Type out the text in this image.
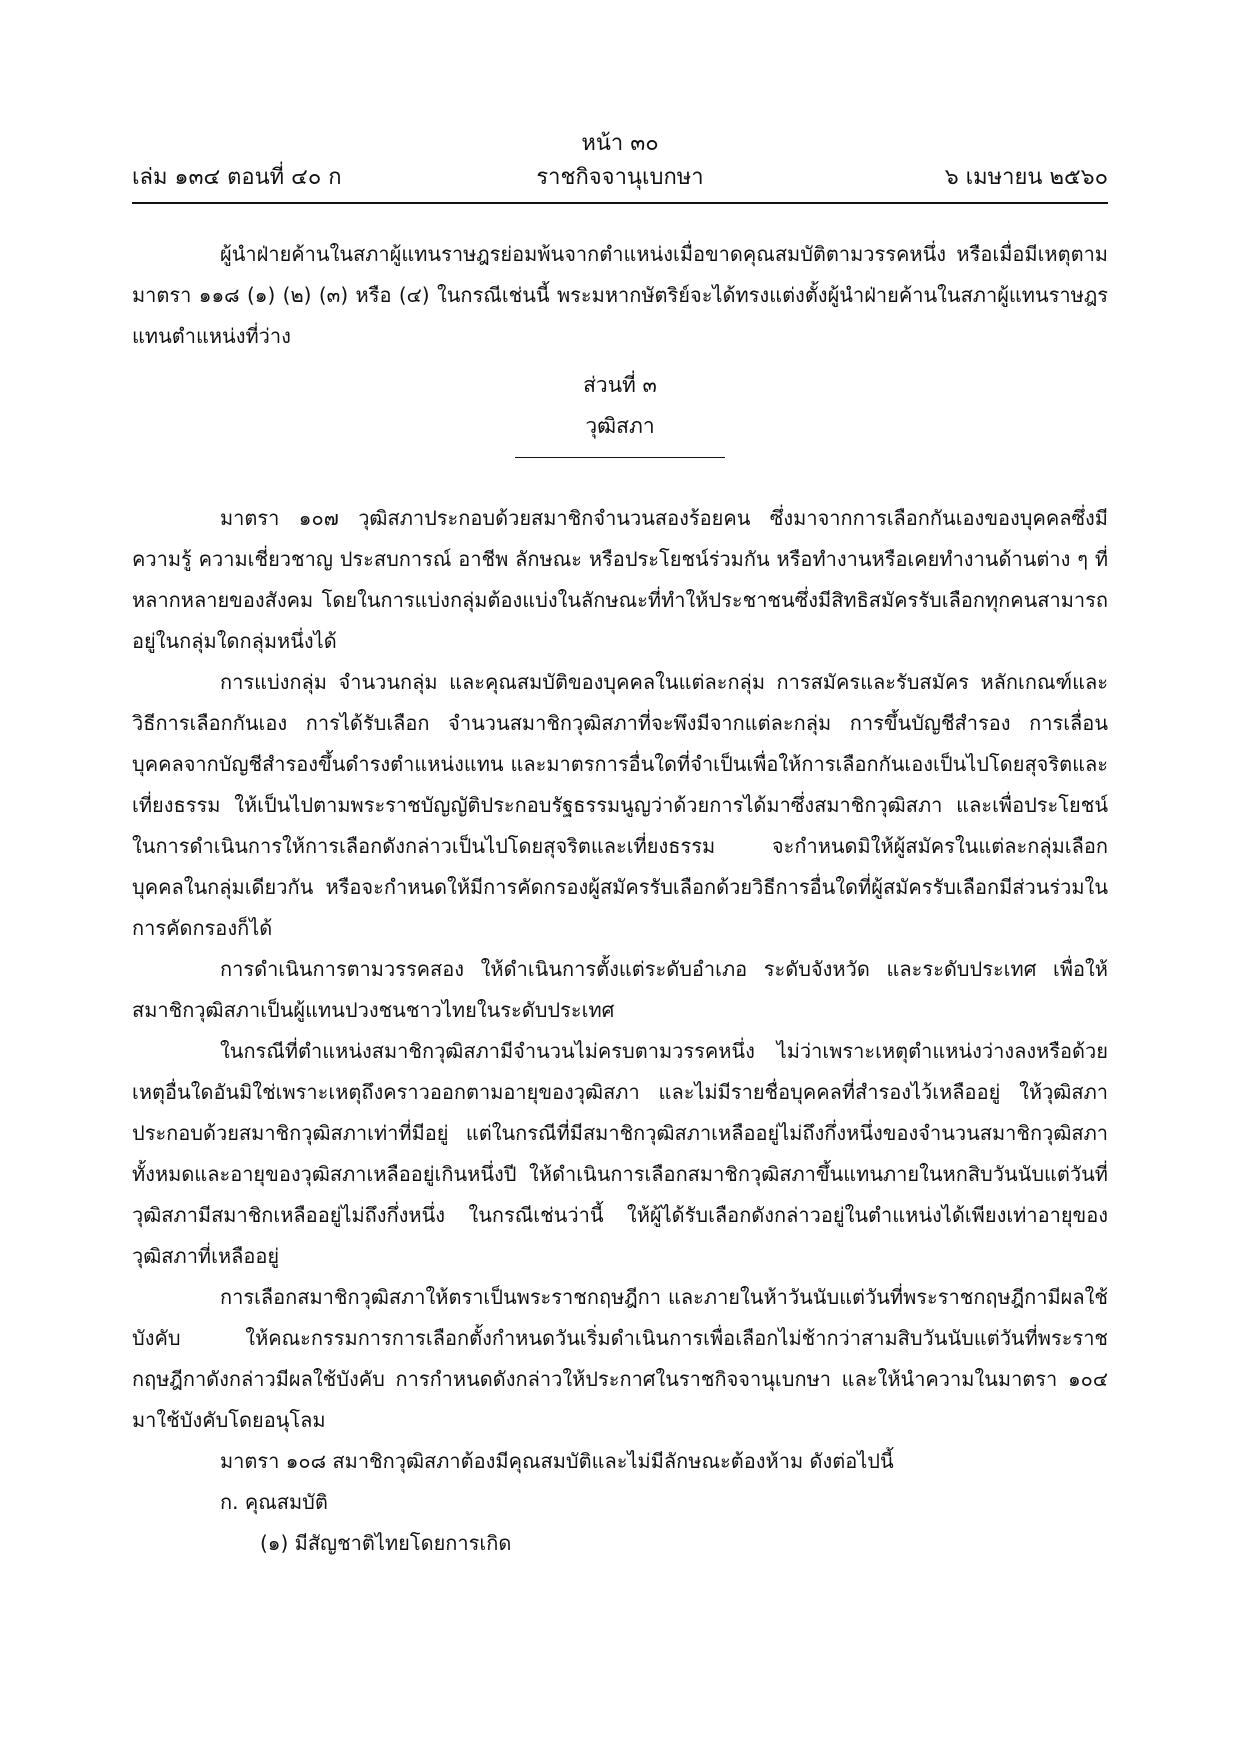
หน้า ๓๐
เล่ม ๑๓๔ ตอนที่ ๔๐ ก	ราชกิจจานุเบกษา	๖ เมษายน ๒๕๖๐

ผู้นำฝ่ายค้านในสภาผู้แทนราษฎรย่อมพ้นจากตำแหน่งเมื่อขาดคุณสมบัติตามวรรคหนึ่ง หรือเมื่อมีเหตุตามมาตรา ๑๑๘ (๑) (๒) (๓) หรือ (๔) ในกรณีเช่นนี้ พระมหากษัตริย์จะได้ทรงแต่งตั้งผู้นำฝ่ายค้านในสภาผู้แทนราษฎรแทนตำแหน่งที่ว่าง

ส่วนที่ ๓
วุฒิสภา

มาตรา ๑๐๗ วุฒิสภาประกอบด้วยสมาชิกจำนวนสองร้อยคน ซึ่งมาจากการเลือกกันเองของบุคคลซึ่งมีความรู้ ความเชี่ยวชาญ ประสบการณ์ อาชีพ ลักษณะ หรือประโยชน์ร่วมกัน หรือทำงานหรือเคยทำงานด้านต่าง ๆ ที่หลากหลายของสังคม โดยในการแบ่งกลุ่มต้องแบ่งในลักษณะที่ทำให้ประชาชนซึ่งมีสิทธิสมัครรับเลือกทุกคนสามารถอยู่ในกลุ่มใดกลุ่มหนึ่งได้

การแบ่งกลุ่ม จำนวนกลุ่ม และคุณสมบัติของบุคคลในแต่ละกลุ่ม การสมัครและรับสมัคร หลักเกณฑ์และวิธีการเลือกกันเอง การได้รับเลือก จำนวนสมาชิกวุฒิสภาที่จะพึงมีจากแต่ละกลุ่ม การขึ้นบัญชีสำรอง การเลื่อนบุคคลจากบัญชีสำรองขึ้นดำรงตำแหน่งแทน และมาตรการอื่นใดที่จำเป็นเพื่อให้การเลือกกันเองเป็นไปโดยสุจริตและเที่ยงธรรม ให้เป็นไปตามพระราชบัญญัติประกอบรัฐธรรมนูญว่าด้วยการได้มาซึ่งสมาชิกวุฒิสภา และเพื่อประโยชน์ในการดำเนินการให้การเลือกดังกล่าวเป็นไปโดยสุจริตและเที่ยงธรรม จะกำหนดมิให้ผู้สมัครในแต่ละกลุ่มเลือกบุคคลในกลุ่มเดียวกัน หรือจะกำหนดให้มีการคัดกรองผู้สมัครรับเลือกด้วยวิธีการอื่นใดที่ผู้สมัครรับเลือกมีส่วนร่วมในการคัดกรองก็ได้

การดำเนินการตามวรรคสอง ให้ดำเนินการตั้งแต่ระดับอำเภอ ระดับจังหวัด และระดับประเทศ เพื่อให้สมาชิกวุฒิสภาเป็นผู้แทนปวงชนชาวไทยในระดับประเทศ

ในกรณีที่ตำแหน่งสมาชิกวุฒิสภามีจำนวนไม่ครบตามวรรคหนึ่ง ไม่ว่าเพราะเหตุตำแหน่งว่างลงหรือด้วยเหตุอื่นใดอันมิใช่เพราะเหตุถึงคราวออกตามอายุของวุฒิสภา และไม่มีรายชื่อบุคคลที่สำรองไว้เหลืออยู่ ให้วุฒิสภาประกอบด้วยสมาชิกวุฒิสภาเท่าที่มีอยู่ แต่ในกรณีที่มีสมาชิกวุฒิสภาเหลืออยู่ไม่ถึงกึ่งหนึ่งของจำนวนสมาชิกวุฒิสภาทั้งหมดและอายุของวุฒิสภาเหลืออยู่เกินหนึ่งปี ให้ดำเนินการเลือกสมาชิกวุฒิสภาขึ้นแทนภายในหกสิบวันนับแต่วันที่วุฒิสภามีสมาชิกเหลืออยู่ไม่ถึงกึ่งหนึ่ง ในกรณีเช่นว่านี้ ให้ผู้ได้รับเลือกดังกล่าวอยู่ในตำแหน่งได้เพียงเท่าอายุของวุฒิสภาที่เหลืออยู่

การเลือกสมาชิกวุฒิสภาให้ตราเป็นพระราชกฤษฎีกา และภายในห้าวันนับแต่วันที่พระราชกฤษฎีกามีผลใช้บังคับ ให้คณะกรรมการการเลือกตั้งกำหนดวันเริ่มดำเนินการเพื่อเลือกไม่ช้ากว่าสามสิบวันนับแต่วันที่พระราชกฤษฎีกาดังกล่าวมีผลใช้บังคับ การกำหนดดังกล่าวให้ประกาศในราชกิจจานุเบกษา และให้นำความในมาตรา ๑๐๔ มาใช้บังคับโดยอนุโลม

มาตรา ๑๐๘ สมาชิกวุฒิสภาต้องมีคุณสมบัติและไม่มีลักษณะต้องห้าม ดังต่อไปนี้

ก. คุณสมบัติ

(๑) มีสัญชาติไทยโดยการเกิด
